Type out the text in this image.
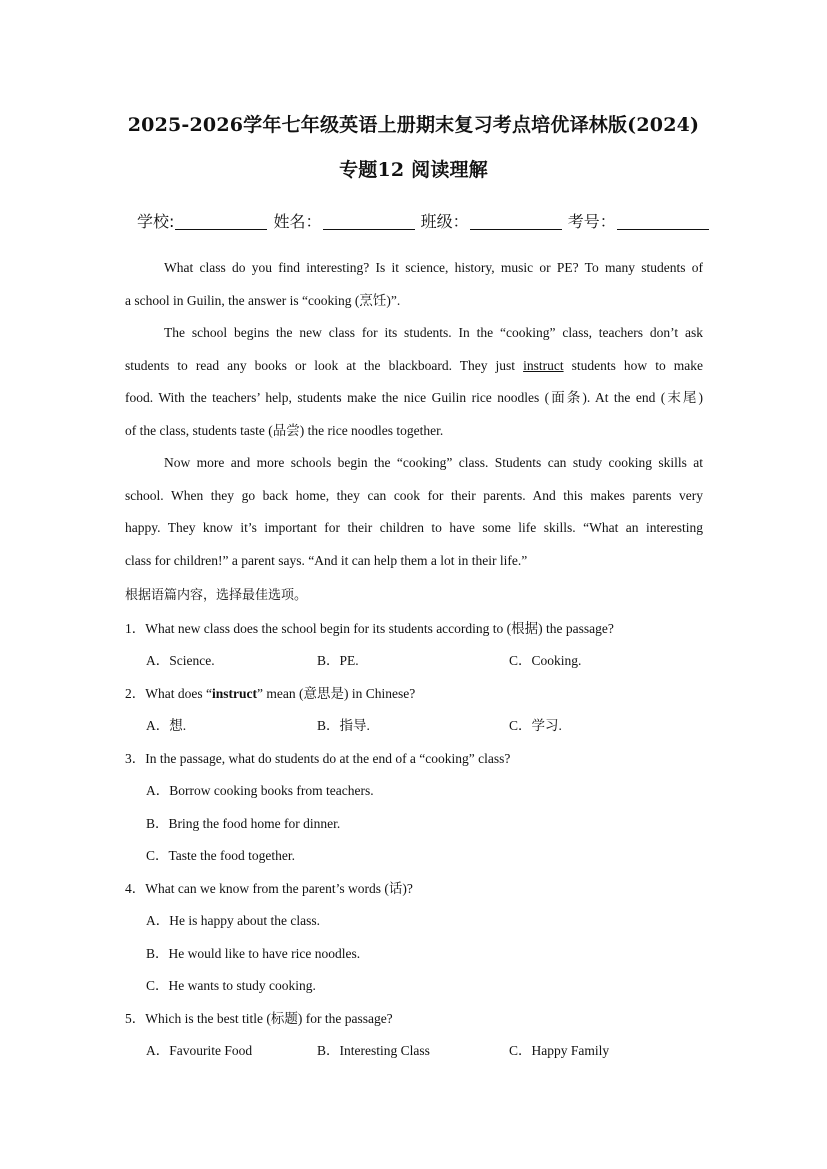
2025-2026学年七年级英语上册期末复习考点培优译林版(2024)
专题12 阅读理解
学校:	姓名：	班级：	考号：
What class do you find interesting? Is it science, history, music or PE? To many students of
a school in Guilin, the answer is “cooking (烹饪)”.
The school begins the new class for its students. In the “cooking” class, teachers don’t ask
students to read any books or look at the blackboard. They just instruct students how to make
food. With the teachers’ help, students make the nice Guilin rice noodles (面条). At the end (末尾)
of the class, students taste (品尝) the rice noodles together.
Now more and more schools begin the “cooking” class. Students can study cooking skills at
school. When they go back home, they can cook for their parents. And this makes parents very
happy. They know it’s important for their children to have some life skills. “What an interesting
class for children!” a parent says. “And it can help them a lot in their life.”
根据语篇内容，选择最佳选项。
1．What new class does the school begin for its students according to (根据) the passage?
A．Science.	B．PE.	C．Cooking.
2．What does “instruct” mean (意思是) in Chinese?
A．想.	B．指导.	C．学习.
3．In the passage, what do students do at the end of a “cooking” class?
A．Borrow cooking books from teachers.
B．Bring the food home for dinner.
C．Taste the food together.
4．What can we know from the parent’s words (话)?
A．He is happy about the class.
B．He would like to have rice noodles.
C．He wants to study cooking.
5．Which is the best title (标题) for the passage?
A．Favourite Food	B．Interesting Class	C．Happy Family
